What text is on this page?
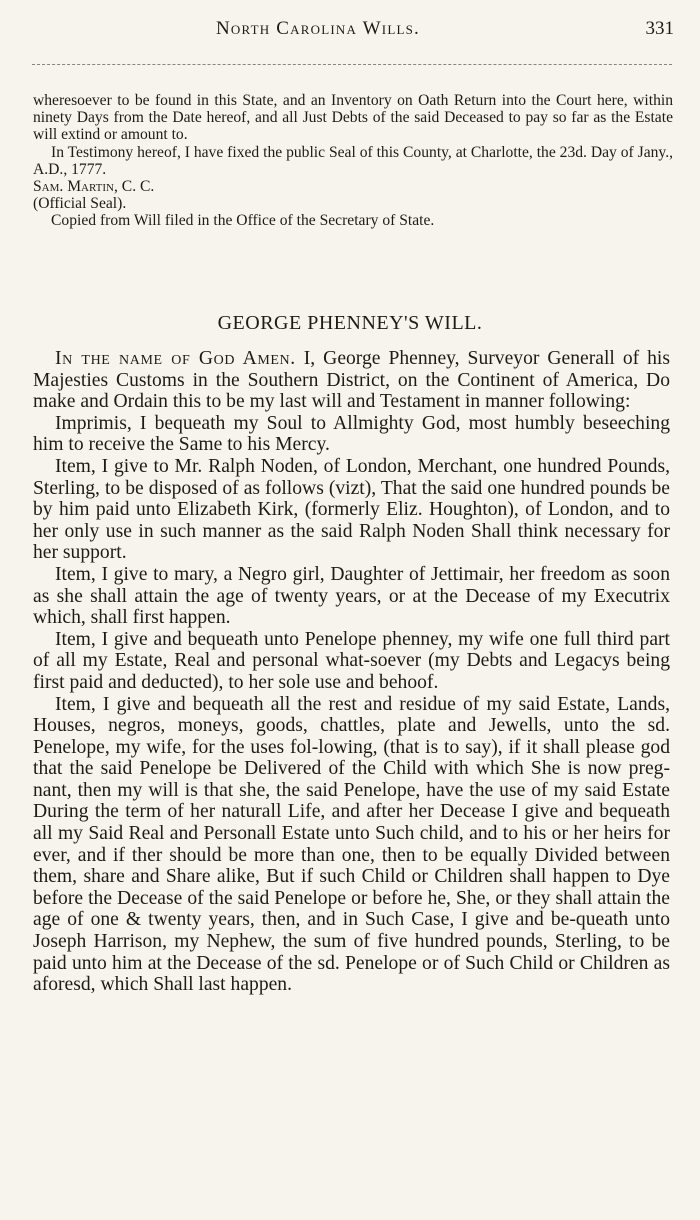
North Carolina Wills.	331

wheresoever to be found in this State, and an Inventory on Oath Return into the Court here, within ninety Days from the Date hereof, and all Just Debts of the said Deceased to pay so far as the Estate will extind or amount to.

In Testimony hereof, I have fixed the public Seal of this County, at Charlotte, the 23d. Day of Jany., A.D., 1777.

Sam. Martin, C. C.

(Official Seal).

Copied from Will filed in the Office of the Secretary of State.

GEORGE PHENNEY'S WILL.

In the name of God Amen. I, George Phenney, Surveyor Generall of his Majesties Customs in the Southern District, on the Continent of America, Do make and Ordain this to be my last will and Testament in manner following:

Imprimis, I bequeath my Soul to Allmighty God, most humbly beseeching him to receive the Same to his Mercy.

Item, I give to Mr. Ralph Noden, of London, Merchant, one hundred Pounds, Sterling, to be disposed of as follows (vizt), That the said one hundred pounds be by him paid unto Elizabeth Kirk, (formerly Eliz. Houghton), of London, and to her only use in such manner as the said Ralph Noden Shall think necessary for her support.

Item, I give to mary, a Negro girl, Daughter of Jettimair, her freedom as soon as she shall attain the age of twenty years, or at the Decease of my Executrix which, shall first happen.

Item, I give and bequeath unto Penelope phenney, my wife one full third part of all my Estate, Real and personal what-soever (my Debts and Legacys being first paid and deducted), to her sole use and behoof.

Item, I give and bequeath all the rest and residue of my said Estate, Lands, Houses, negros, moneys, goods, chattles, plate and Jewells, unto the sd. Penelope, my wife, for the uses fol-lowing, (that is to say), if it shall please god that the said Penelope be Delivered of the Child with which She is now preg-nant, then my will is that she, the said Penelope, have the use of my said Estate During the term of her naturall Life, and after her Decease I give and bequeath all my Said Real and Personall Estate unto Such child, and to his or her heirs for ever, and if ther should be more than one, then to be equally Divided between them, share and Share alike, But if such Child or Children shall happen to Dye before the Decease of the said Penelope or before he, She, or they shall attain the age of one & twenty years, then, and in Such Case, I give and be-queath unto Joseph Harrison, my Nephew, the sum of five hundred pounds, Sterling, to be paid unto him at the Decease of the sd. Penelope or of Such Child or Children as aforesd, which Shall last happen.
